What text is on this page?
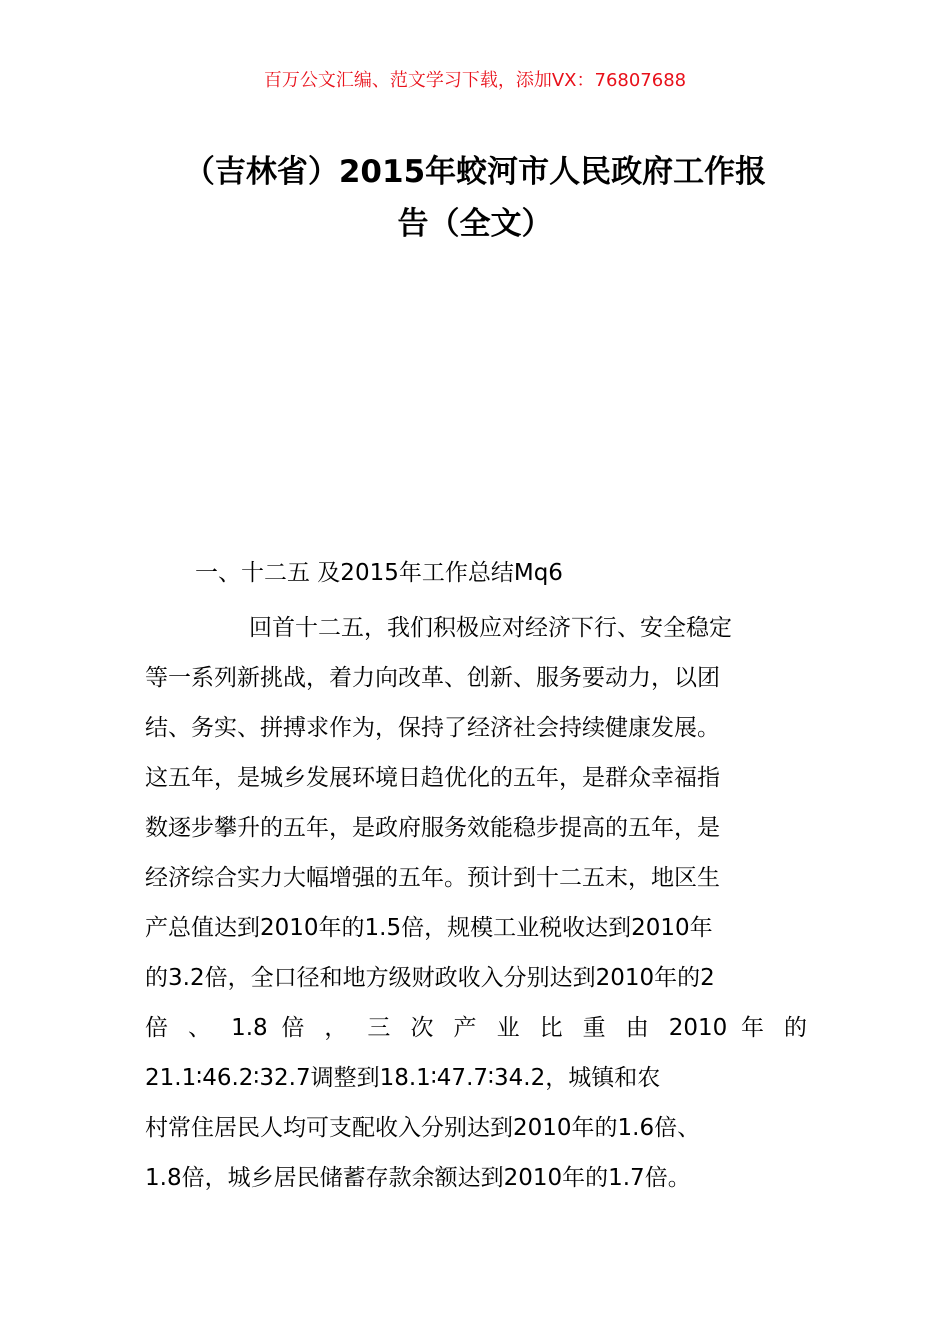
百万公文汇编、范文学习下载，添加VX：76807688
（吉林省）2015年蛟河市人民政府工作报
告（全文）
一、十二五 及2015年工作总结Mq6
回首十二五，我们积极应对经济下行、安全稳定
等一系列新挑战，着力向改革、创新、服务要动力，以团
结、务实、拼搏求作为，保持了经济社会持续健康发展。
这五年，是城乡发展环境日趋优化的五年，是群众幸福指
数逐步攀升的五年，是政府服务效能稳步提高的五年，是
经济综合实力大幅增强的五年。预计到十二五末，地区生
产总值达到2010年的1.5倍，规模工业税收达到2010年
的3.2倍，全口径和地方级财政收入分别达到2010年的2
倍 、 1.8 倍 ， 三 次 产 业 比 重 由 2010 年 的
21.1∶46.2∶32.7调整到18.1∶47.7∶34.2，城镇和农
村常住居民人均可支配收入分别达到2010年的1.6倍、
1.8倍，城乡居民储蓄存款余额达到2010年的1.7倍。
